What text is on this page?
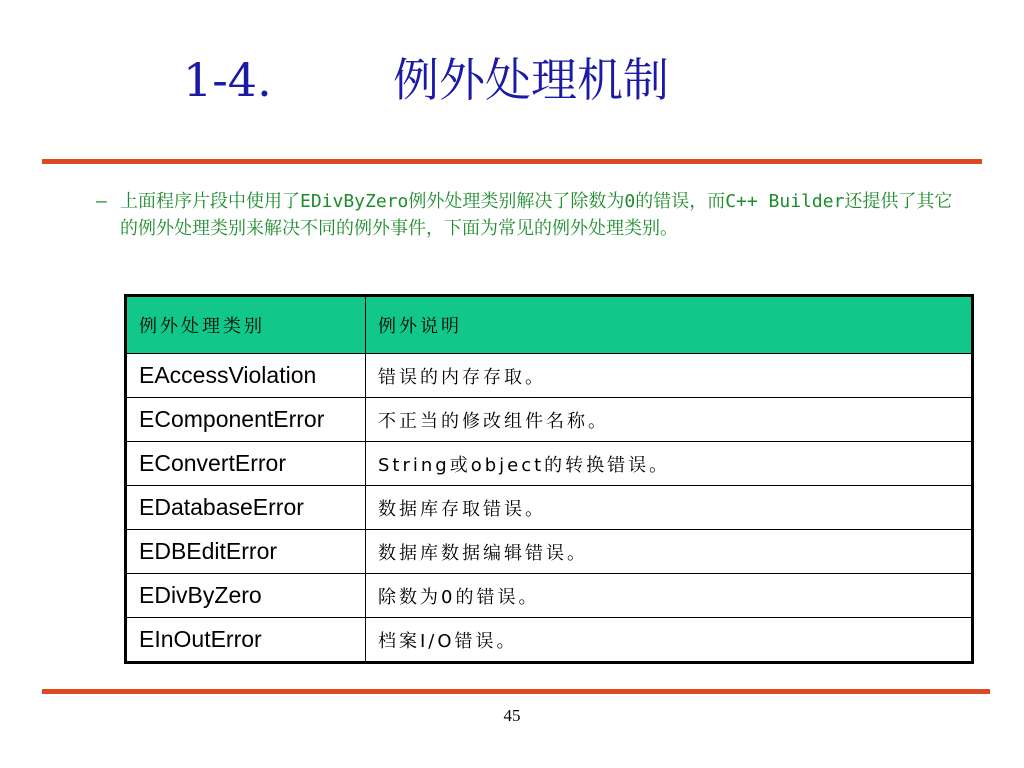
1-4.	例外处理机制
– 上面程序片段中使用了EDivByZero例外处理类别解决了除数为0的错误，而C++ Builder还提供了其它的例外处理类别来解决不同的例外事件，下面为常见的例外处理类别。
例外处理类别	例外说明
EAccessViolation	错误的内存存取。
EComponentError	不正当的修改组件名称。
EConvertError	String或object的转换错误。
EDatabaseError	数据库存取错误。
EDBEditError	数据库数据编辑错误。
EDivByZero	除数为0的错误。
EInOutError	档案I/O错误。
45
